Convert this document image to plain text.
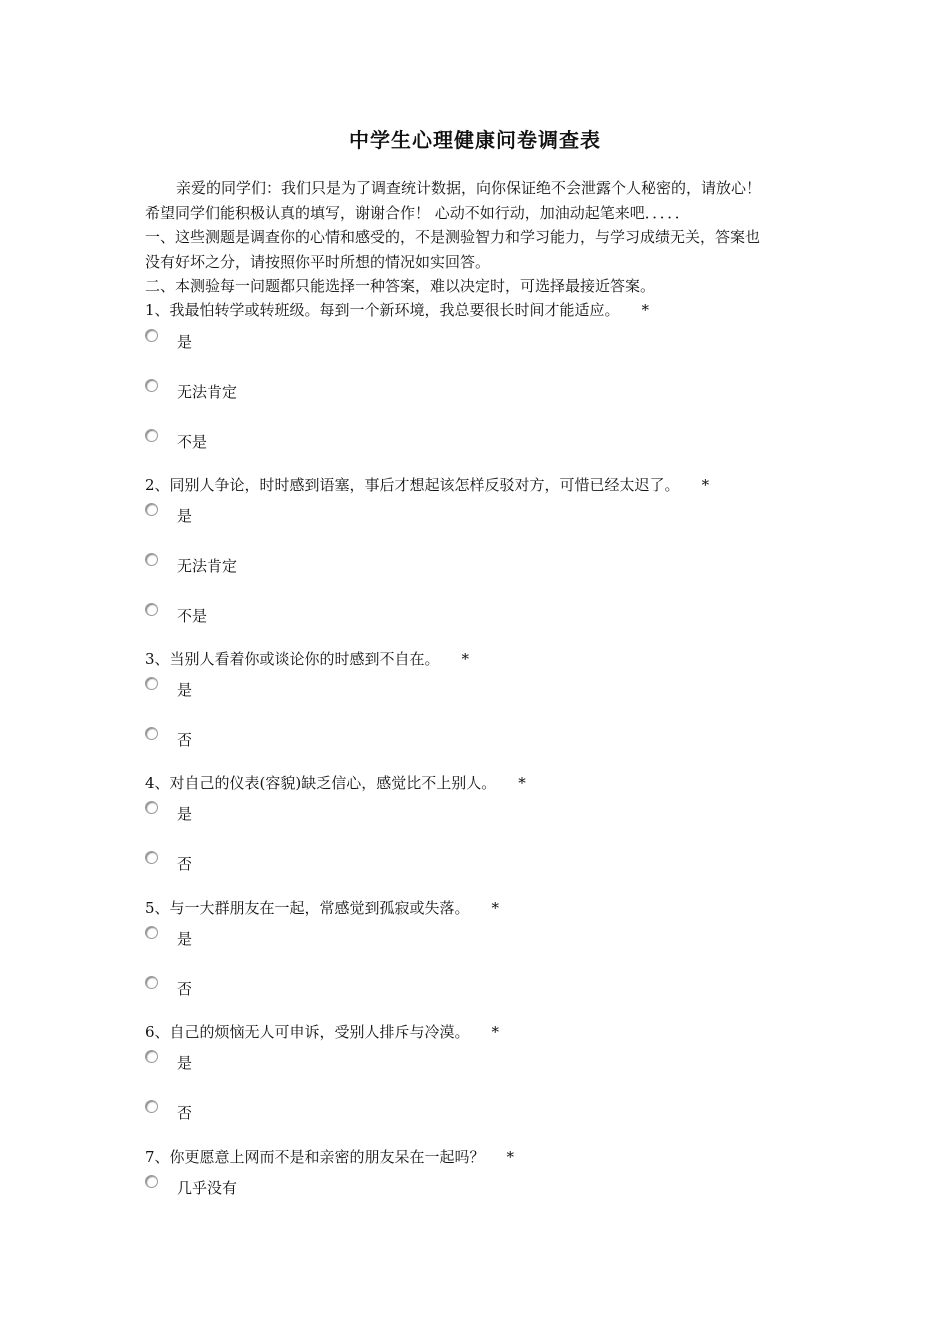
中学生心理健康问卷调查表

亲爱的同学们：我们只是为了调查统计数据，向你保证绝不会泄露个人秘密的，请放心！

希望同学们能积极认真的填写，谢谢合作！ 心动不如行动，加油动起笔来吧．．．．．

一、这些测题是调查你的心情和感受的，不是测验智力和学习能力，与学习成绩无关，答案也

没有好坏之分，请按照你平时所想的情况如实回答。

二、本测验每一问题都只能选择一种答案，难以决定时，可选择最接近答案。

1、我最怕转学或转班级。每到一个新环境，我总要很长时间才能适应。 *
是
无法肯定
不是
2、同别人争论，时时感到语塞，事后才想起该怎样反驳对方，可惜已经太迟了。 *
是
无法肯定
不是
3、当别人看着你或谈论你的时感到不自在。 *
是
否
4、对自己的仪表(容貌)缺乏信心，感觉比不上别人。 *
是
否
5、与一大群朋友在一起，常感觉到孤寂或失落。 *
是
否
6、自己的烦恼无人可申诉，受别人排斥与冷漠。 *
是
否
7、你更愿意上网而不是和亲密的朋友呆在一起吗？ *
几乎没有
